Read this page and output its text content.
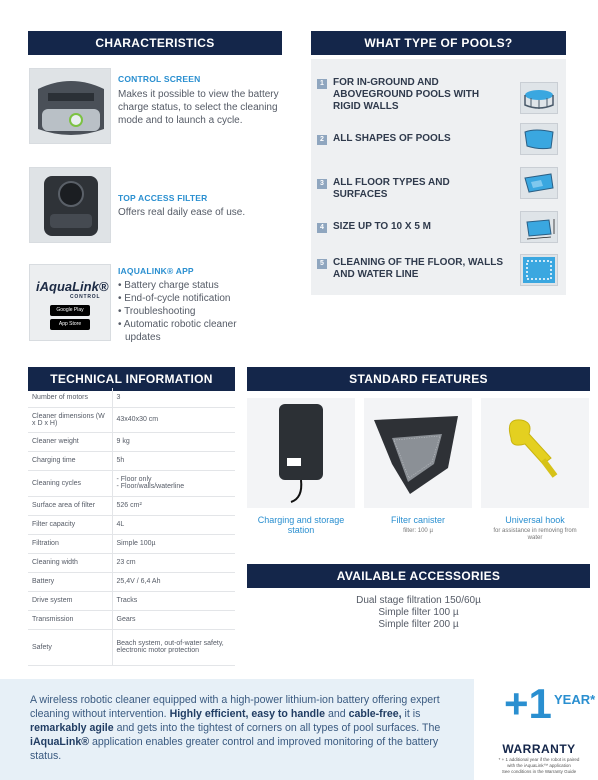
CHARACTERISTICS	WHAT TYPE OF POOLS?
CONTROL SCREEN
Makes it possible to view the battery charge status, to select the cleaning mode and to launch a cycle.
TOP ACCESS FILTER
Offers real daily ease of use.
iAquaLink®
CONTROL
Google Play
App Store
IAQUALINK® APP
• Battery charge status
• End-of-cycle notification
• Troubleshooting
• Automatic robotic cleaner
updates
1 FOR IN-GROUND AND ABOVEGROUND POOLS WITH RIGID WALLS
2 ALL SHAPES OF POOLS
3 ALL FLOOR TYPES AND SURFACES
4 SIZE UP TO 10 X 5 M
5 CLEANING OF THE FLOOR, WALLS AND WATER LINE
TECHNICAL INFORMATION
Number of motors	3
Cleaner dimensions (W x D x H)	43x40x30 cm
Cleaner weight	9 kg
Charging time	5h
Cleaning cycles	- Floor only
- Floor/walls/waterline
Surface area of filter	526 cm²
Filter capacity	4L
Filtration	Simple 100µ
Cleaning width	23 cm
Battery	25,4V / 6,4 Ah
Drive system	Tracks
Transmission	Gears
Safety	Beach system, out-of-water safety, electronic motor protection
STANDARD FEATURES
Charging and storage station
Filter canister
filter: 100 µ
Universal hook
for assistance in removing from water
AVAILABLE ACCESSORIES
Dual stage filtration 150/60µ
Simple filter 100 µ
Simple filter 200 µ

A wireless robotic cleaner equipped with a high-power lithium-ion battery offering expert cleaning without intervention. Highly efficient, easy to handle and cable-free, it is remarkably agile and gets into the tightest of corners on all types of pool surfaces. The iAquaLink® application enables greater control and improved monitoring of the battery status.

+1 YEAR*
WARRANTY
* + 1 additional year if the robot is paired
with the iAquaLink™ application
See conditions in the Warranty Guide
